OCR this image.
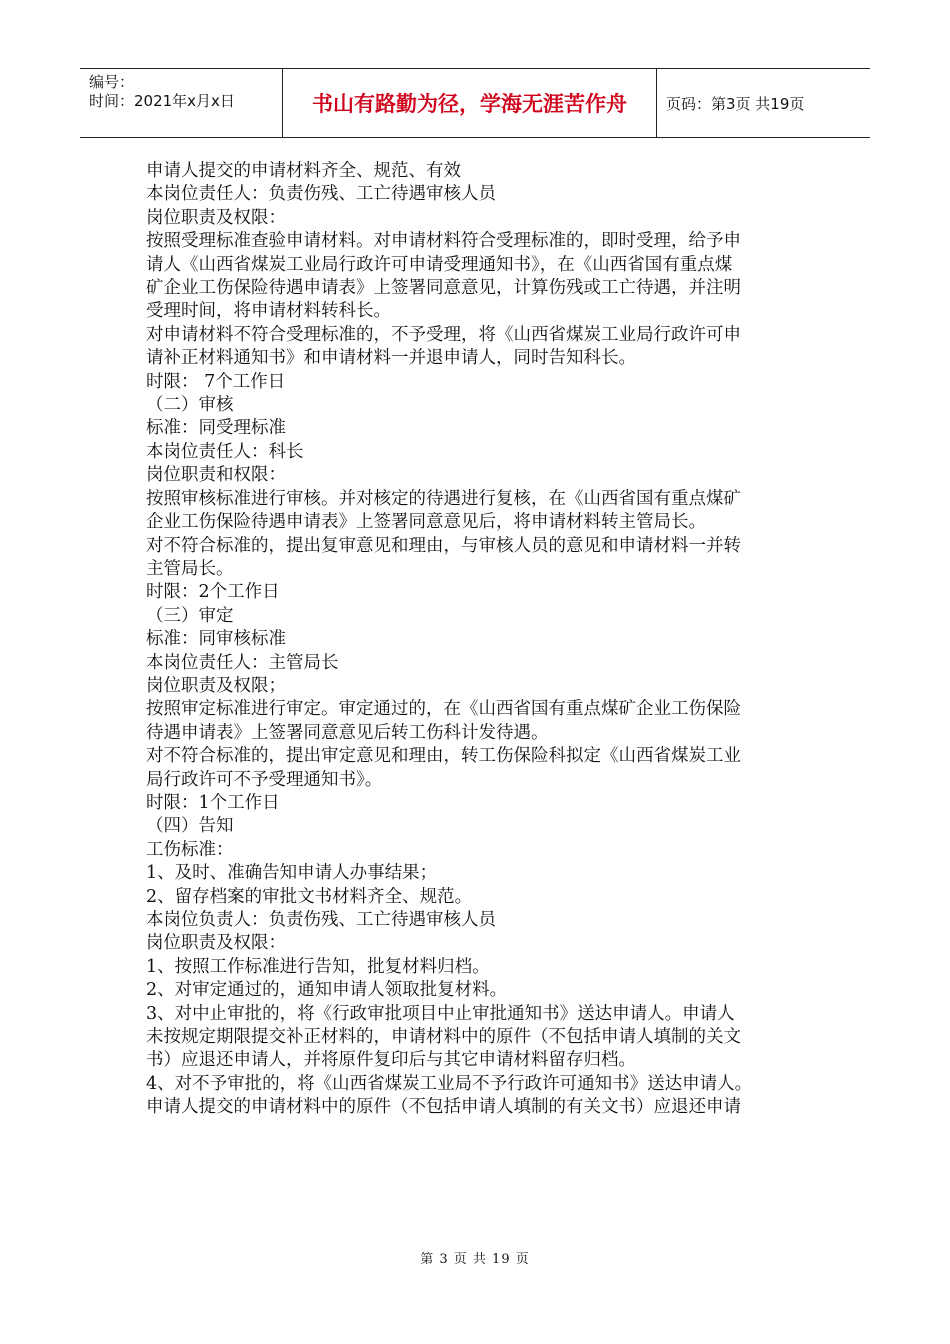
编号：
时间：2021年x月x日	书山有路勤为径，学海无涯苦作舟	页码：第3页 共19页

申请人提交的申请材料齐全、规范、有效

本岗位责任人：负责伤残、工亡待遇审核人员

岗位职责及权限：

按照受理标准查验申请材料。对申请材料符合受理标准的，即时受理，给予申

请人《山西省煤炭工业局行政许可申请受理通知书》，在《山西省国有重点煤

矿企业工伤保险待遇申请表》上签署同意意见，计算伤残或工亡待遇，并注明

受理时间，将申请材料转科长。

对申请材料不符合受理标准的，不予受理，将《山西省煤炭工业局行政许可申

请补正材料通知书》和申请材料一并退申请人，同时告知科长。

时限： 7个工作日

（二）审核

标准：同受理标准

本岗位责任人：科长

岗位职责和权限：

按照审核标准进行审核。并对核定的待遇进行复核，在《山西省国有重点煤矿

企业工伤保险待遇申请表》上签署同意意见后，将申请材料转主管局长。

对不符合标准的，提出复审意见和理由，与审核人员的意见和申请材料一并转

主管局长。

时限：2个工作日

（三）审定

标准：同审核标准

本岗位责任人：主管局长

岗位职责及权限；

按照审定标准进行审定。审定通过的，在《山西省国有重点煤矿企业工伤保险

待遇申请表》上签署同意意见后转工伤科计发待遇。

对不符合标准的，提出审定意见和理由，转工伤保险科拟定《山西省煤炭工业

局行政许可不予受理通知书》。

时限：1个工作日

（四）告知

工伤标准：

1、及时、准确告知申请人办事结果；

2、留存档案的审批文书材料齐全、规范。

本岗位负责人：负责伤残、工亡待遇审核人员

岗位职责及权限：

1、按照工作标准进行告知，批复材料归档。

2、对审定通过的，通知申请人领取批复材料。

3、对中止审批的，将《行政审批项目中止审批通知书》送达申请人。申请人

未按规定期限提交补正材料的，申请材料中的原件（不包括申请人填制的关文

书）应退还申请人，并将原件复印后与其它申请材料留存归档。

4、对不予审批的，将《山西省煤炭工业局不予行政许可通知书》送达申请人。

申请人提交的申请材料中的原件（不包括申请人填制的有关文书）应退还申请

第 3 页 共 19 页
